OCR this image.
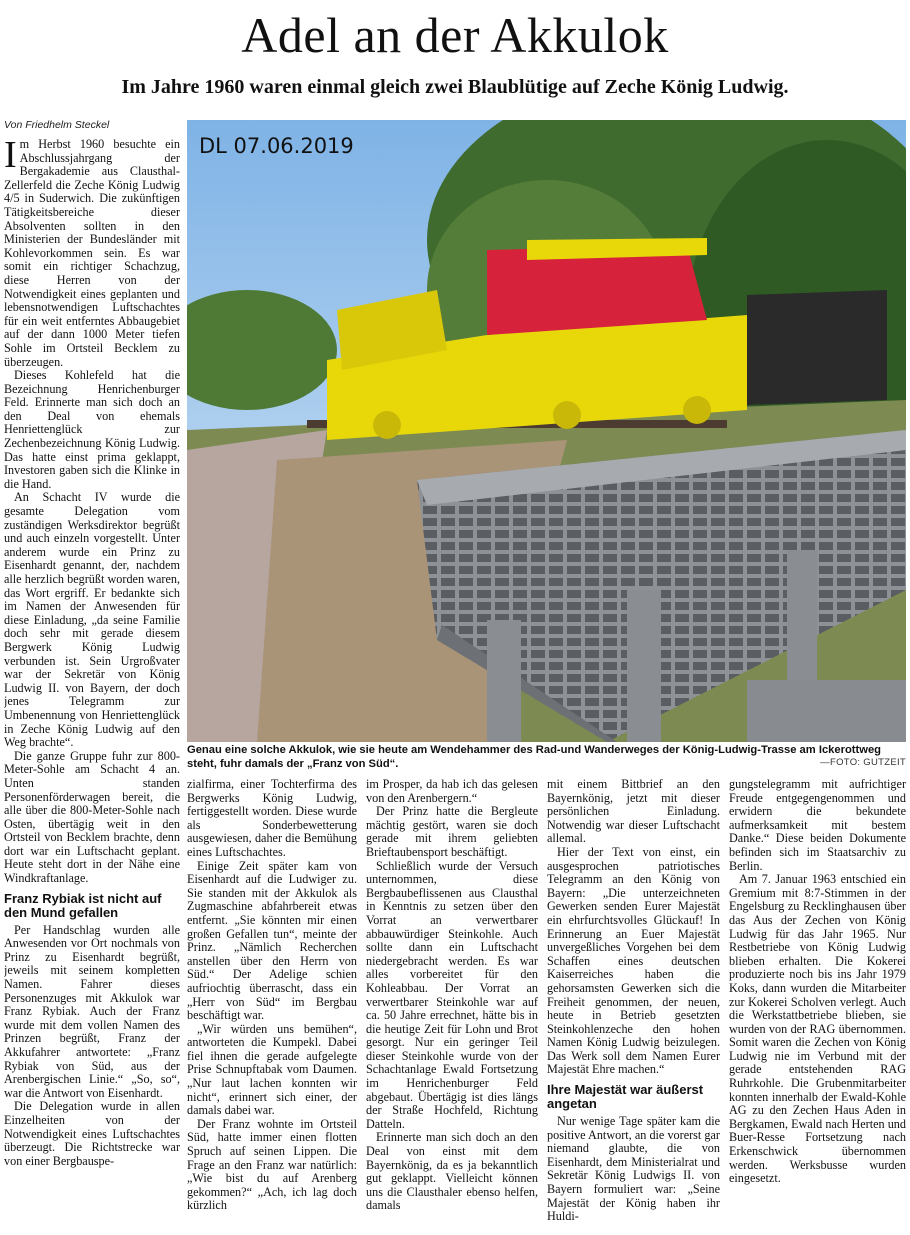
Adel an der Akkulok
Im Jahre 1960 waren einmal gleich zwei Blaublütige auf Zeche König Ludwig.
Von Friedhelm Steckel

Im Herbst 1960 besuchte ein Abschlussjahrgang der Bergakademie aus Clausthal-Zellerfeld die Zeche König Ludwig 4/5 in Suderwich. Die zukünftigen Tätigkeitsbereiche dieser Absolventen sollten in den Ministerien der Bundesländer mit Kohlevorkommen sein. Es war somit ein richtiger Schachzug, diese Herren von der Notwendigkeit eines geplanten und lebensnotwendigen Luftschachtes für ein weit entferntes Abbaugebiet auf der dann 1000 Meter tiefen Sohle im Ortsteil Becklem zu überzeugen.

Dieses Kohlefeld hat die Bezeichnung Henrichenburger Feld. Erinnerte man sich doch an den Deal von ehemals Henriettenglück zur Zechenbezeichnung König Ludwig. Das hatte einst prima geklappt, Investoren gaben sich die Klinke in die Hand.

An Schacht IV wurde die gesamte Delegation vom zuständigen Werksdirektor begrüßt und auch einzeln vorgestellt. Unter anderem wurde ein Prinz zu Eisenhardt genannt, der, nachdem alle herzlich begrüßt worden waren, das Wort ergriff. Er bedankte sich im Namen der Anwesenden für diese Einladung, „da seine Familie doch sehr mit gerade diesem Bergwerk König Ludwig verbunden ist. Sein Urgroßvater war der Sekretär von König Ludwig II. von Bayern, der doch jenes Telegramm zur Umbenennung von Henriettenglück in Zeche König Ludwig auf den Weg brachte“.

Die ganze Gruppe fuhr zur 800-Meter-Sohle am Schacht 4 an. Unten standen Personenförderwagen bereit, die alle über die 800-Meter-Sohle nach Osten, übertägig weit in den Ortsteil von Becklem brachte, denn dort war ein Luftschacht geplant. Heute steht dort in der Nähe eine Windkraftanlage.

Franz Rybiak ist nicht auf den Mund gefallen

Per Handschlag wurden alle Anwesenden vor Ort nochmals von Prinz zu Eisenhardt begrüßt, jeweils mit seinem kompletten Namen. Fahrer dieses Personenzuges mit Akkulok war Franz Rybiak. Auch der Franz wurde mit dem vollen Namen des Prinzen begrüßt, Franz der Akkufahrer antwortete: „Franz Rybiak von Süd, aus der Arenbergischen Linie.“ „So, so“, war die Antwort von Eisenhardt.

Die Delegation wurde in allen Einzelheiten von der Notwendigkeit eines Luftschachtes überzeugt. Die Richtstrecke war von einer Bergbauspe-

DL 07.06.2019
Genau eine solche Akkulok, wie sie heute am Wendehammer des Rad-und Wanderweges der König-Ludwig-Trasse am Ickerottweg steht, fuhr damals der „Franz von Süd“.	—FOTO: GUTZEIT

zialfirma, einer Tochterfirma des Bergwerks König Ludwig, fertiggestellt worden. Diese wurde als Sonderbewetterung ausgewiesen, daher die Bemühung eines Luftschachtes.

Einige Zeit später kam von Eisenhardt auf die Ludwiger zu. Sie standen mit der Akkulok als Zugmaschine abfahrbereit etwas entfernt. „Sie könnten mir einen großen Gefallen tun“, meinte der Prinz. „Nämlich Recherchen anstellen über den Herrn von Süd.“ Der Adelige schien aufriochtig überrascht, dass ein „Herr von Süd“ im Bergbau beschäftigt war.

„Wir würden uns bemühen“, antworteten die Kumpekl. Dabei fiel ihnen die gerade aufgelegte Prise Schnupftabak vom Daumen. „Nur laut lachen konnten wir nicht“, erinnert sich einer, der damals dabei war.

Der Franz wohnte im Ortsteil Süd, hatte immer einen flotten Spruch auf seinen Lippen. Die Frage an den Franz war natürlich: „Wie bist du auf Arenberg gekommen?“ „Ach, ich lag doch kürzlich

im Prosper, da hab ich das gelesen von den Arenbergern.“

Der Prinz hatte die Bergleute mächtig gestört, waren sie doch gerade mit ihrem geliebten Brieftaubensport beschäftigt.

Schließlich wurde der Versuch unternommen, diese Bergbaubeflissenen aus Clausthal in Kenntnis zu setzen über den Vorrat an verwertbarer abbauwürdiger Steinkohle. Auch sollte dann ein Luftschacht niedergebracht werden. Es war alles vorbereitet für den Kohleabbau. Der Vorrat an verwertbarer Steinkohle war auf ca. 50 Jahre errechnet, hätte bis in die heutige Zeit für Lohn und Brot gesorgt. Nur ein geringer Teil dieser Steinkohle wurde von der Schachtanlage Ewald Fortsetzung im Henrichenburger Feld abgebaut. Übertägig ist dies längs der Straße Hochfeld, Richtung Datteln.

Erinnerte man sich doch an den Deal von einst mit dem Bayernkönig, da es ja bekanntlich gut geklappt. Vielleicht können uns die Clausthaler ebenso helfen, damals

mit einem Bittbrief an den Bayernkönig, jetzt mit dieser persönlichen Einladung. Notwendig war dieser Luftschacht allemal.

Hier der Text von einst, ein ausgesprochen patriotisches Telegramm an den König von Bayern: „Die unterzeichneten Gewerken senden Eurer Majestät ein ehrfurchtsvolles Glückauf! In Erinnerung an Euer Majestät unvergeßliches Vorgehen bei dem Schaffen eines deutschen Kaiserreiches haben die gehorsamsten Gewerken sich die Freiheit genommen, der neuen, heute in Betrieb gesetzten Steinkohlenzeche den hohen Namen König Ludwig beizulegen. Das Werk soll dem Namen Eurer Majestät Ehre machen.“

Ihre Majestät war äußerst angetan

Nur wenige Tage später kam die positive Antwort, an die vorerst gar niemand glaubte, die von Eisenhardt, dem Ministerialrat und Sekretär König Ludwigs II. von Bayern formuliert war: „Seine Majestät der König haben ihr Huldi-

gungstelegramm mit aufrichtiger Freude entgegengenommen und erwidern die bekundete aufmerksamkeit mit bestem Danke.“ Diese beiden Dokumente befinden sich im Staatsarchiv zu Berlin.

Am 7. Januar 1963 entschied ein Gremium mit 8:7-Stimmen in der Engelsburg zu Recklinghausen über das Aus der Zechen von König Ludwig für das Jahr 1965. Nur Restbetriebe von König Ludwig blieben erhalten. Die Kokerei produzierte noch bis ins Jahr 1979 Koks, dann wurden die Mitarbeiter zur Kokerei Scholven verlegt. Auch die Werkstattbetriebe blieben, sie wurden von der RAG übernommen. Somit waren die Zechen von König Ludwig nie im Verbund mit der gerade entstehenden RAG Ruhrkohle. Die Grubenmitarbeiter konnten innerhalb der Ewald-Kohle AG zu den Zechen Haus Aden in Bergkamen, Ewald nach Herten und Buer-Resse Fortsetzung nach Erkenschwick übernommen werden. Werksbusse wurden eingesetzt.
